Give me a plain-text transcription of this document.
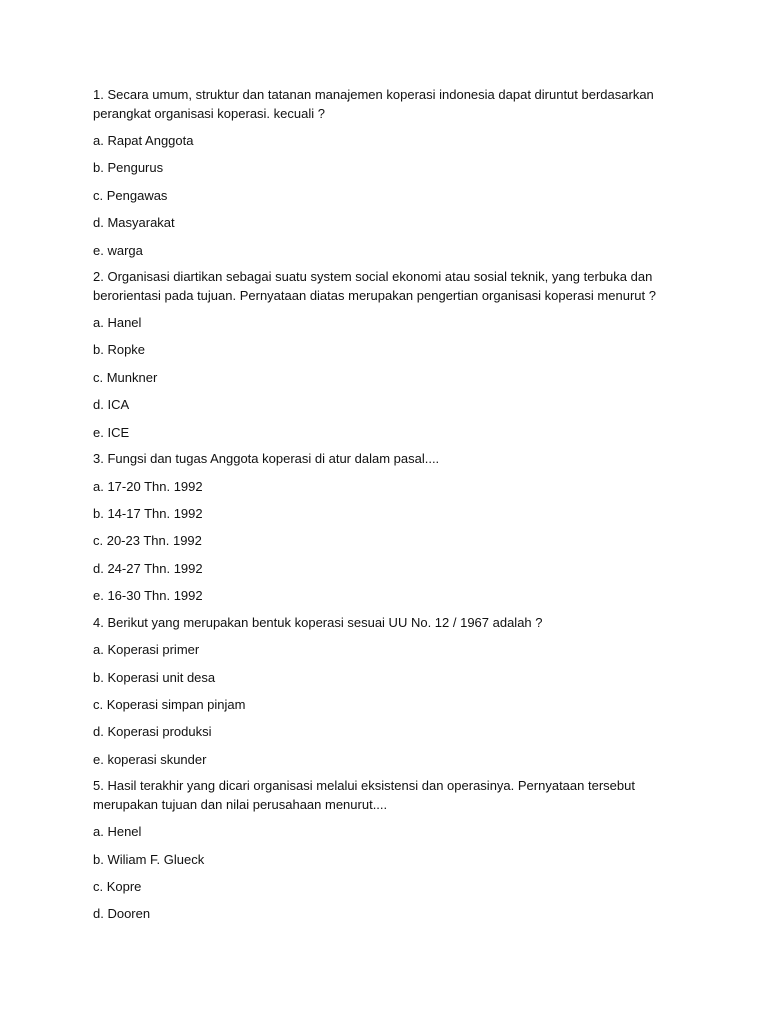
1. Secara umum, struktur dan tatanan manajemen koperasi indonesia dapat diruntut berdasarkan perangkat organisasi koperasi. kecuali ?

a. Rapat Anggota

b. Pengurus

c. Pengawas

d. Masyarakat

e. warga

2. Organisasi diartikan sebagai suatu system social ekonomi atau sosial teknik, yang terbuka dan berorientasi pada tujuan. Pernyataan diatas merupakan pengertian organisasi koperasi menurut ?

a. Hanel

b. Ropke

c. Munkner

d. ICA

e. ICE

3. Fungsi dan tugas Anggota koperasi di atur dalam pasal....

a. 17-20 Thn. 1992

b. 14-17 Thn. 1992

c. 20-23 Thn. 1992

d. 24-27 Thn. 1992

e. 16-30 Thn. 1992

4. Berikut yang merupakan bentuk koperasi sesuai UU No. 12 / 1967 adalah ?

a. Koperasi primer

b. Koperasi unit desa

c. Koperasi simpan pinjam

d. Koperasi produksi

e. koperasi skunder

5. Hasil terakhir yang dicari organisasi melalui eksistensi dan operasinya. Pernyataan tersebut merupakan tujuan dan nilai perusahaan menurut....

a. Henel

b. Wiliam F. Glueck

c. Kopre

d. Dooren
